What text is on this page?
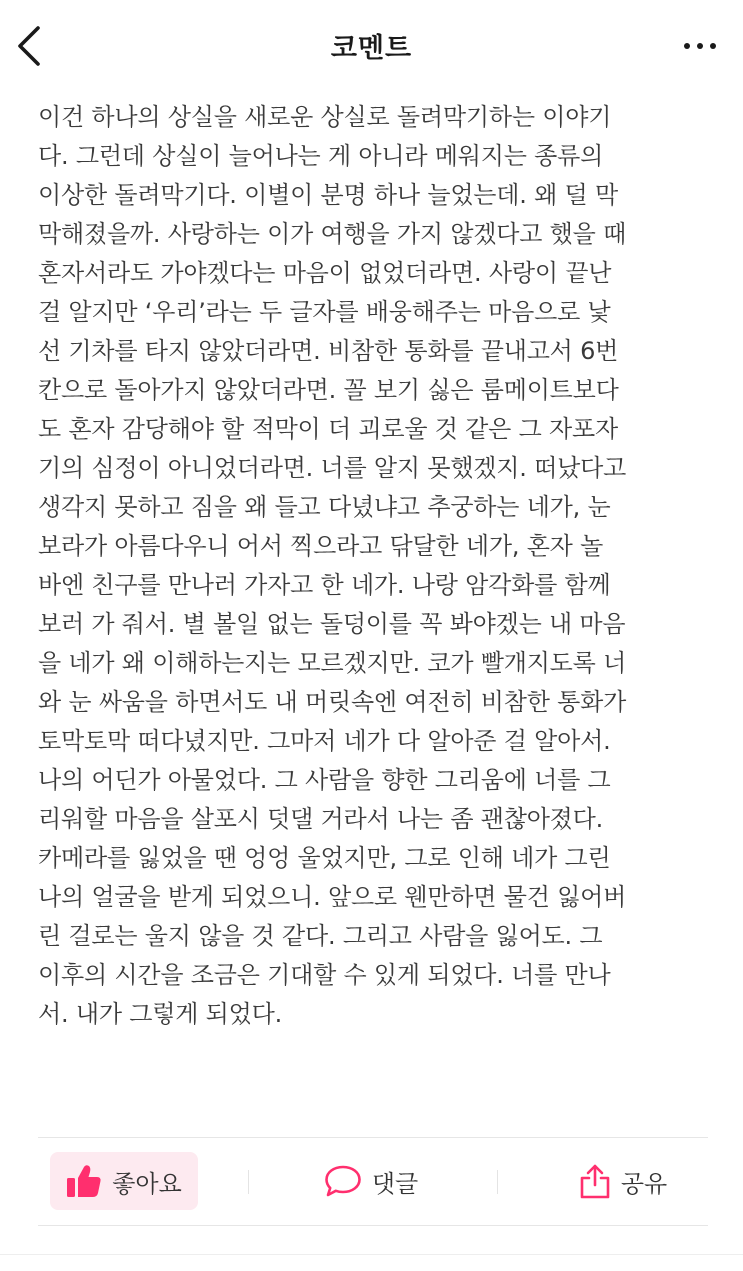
코멘트
이건 하나의 상실을 새로운 상실로 돌려막기하는 이야기
다. 그런데 상실이 늘어나는 게 아니라 메워지는 종류의
이상한 돌려막기다. 이별이 분명 하나 늘었는데. 왜 덜 막
막해졌을까. 사랑하는 이가 여행을 가지 않겠다고 했을 때
혼자서라도 가야겠다는 마음이 없었더라면. 사랑이 끝난
걸 알지만 ‘우리’라는 두 글자를 배웅해주는 마음으로 낯
선 기차를 타지 않았더라면. 비참한 통화를 끝내고서 6번
칸으로 돌아가지 않았더라면. 꼴 보기 싫은 룸메이트보다
도 혼자 감당해야 할 적막이 더 괴로울 것 같은 그 자포자
기의 심정이 아니었더라면. 너를 알지 못했겠지. 떠났다고
생각지 못하고 짐을 왜 들고 다녔냐고 추궁하는 네가, 눈
보라가 아름다우니 어서 찍으라고 닦달한 네가, 혼자 놀
바엔 친구를 만나러 가자고 한 네가. 나랑 암각화를 함께
보러 가 줘서. 별 볼일 없는 돌덩이를 꼭 봐야겠는 내 마음
을 네가 왜 이해하는지는 모르겠지만. 코가 빨개지도록 너
와 눈 싸움을 하면서도 내 머릿속엔 여전히 비참한 통화가
토막토막 떠다녔지만. 그마저 네가 다 알아준 걸 알아서.
나의 어딘가 아물었다. 그 사람을 향한 그리움에 너를 그
리워할 마음을 살포시 덧댈 거라서 나는 좀 괜찮아졌다.
카메라를 잃었을 땐 엉엉 울었지만, 그로 인해 네가 그린
나의 얼굴을 받게 되었으니. 앞으로 웬만하면 물건 잃어버
린 걸로는 울지 않을 것 같다. 그리고 사람을 잃어도. 그
이후의 시간을 조금은 기대할 수 있게 되었다. 너를 만나
서. 내가 그렇게 되었다.
좋아요	댓글	공유
